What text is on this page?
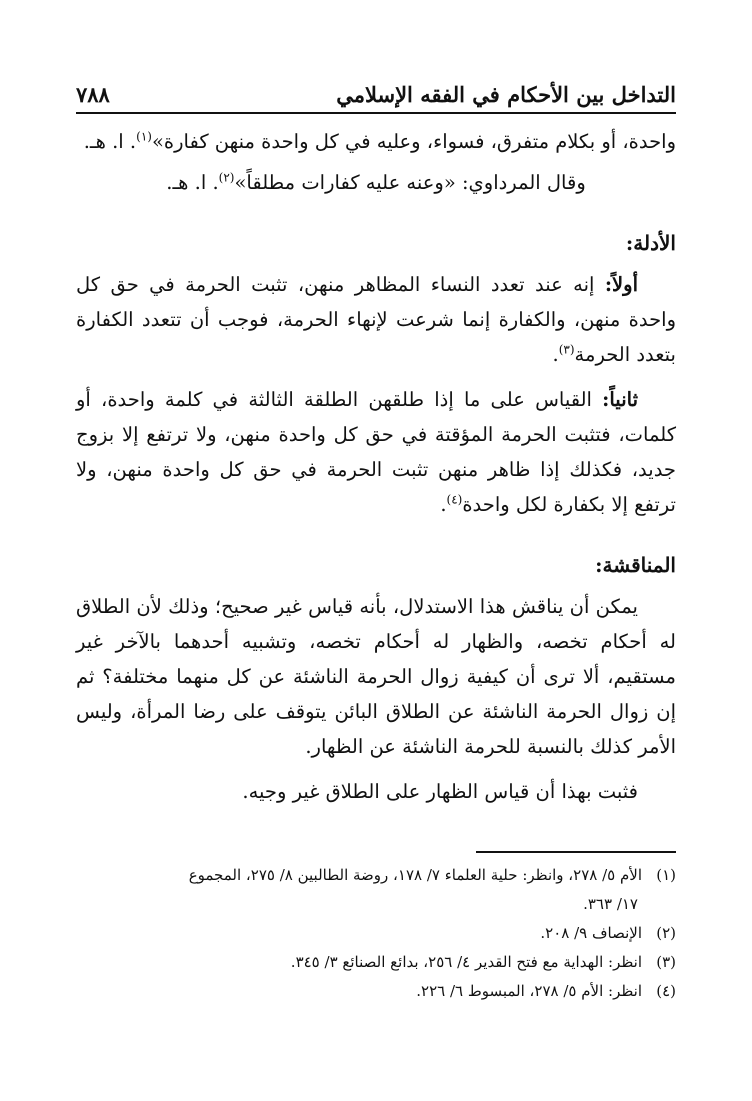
التداخل بين الأحكام في الفقه الإسلامي
٧٨٨

واحدة، أو بكلام متفرق، فسواء، وعليه في كل واحدة منهن كفارة»$^{(١)}$. ا. هـ.

وقال المرداوي: «وعنه عليه كفارات مطلقاً»$^{(٢)}$. ا. هـ.

الأدلة:

أولاً: إنه عند تعدد النساء المظاهر منهن، تثبت الحرمة في حق كل واحدة منهن، والكفارة إنما شرعت لإنهاء الحرمة، فوجب أن تتعدد الكفارة بتعدد الحرمة$^{(٣)}$.

ثانياً: القياس على ما إذا طلقهن الطلقة الثالثة في كلمة واحدة، أو كلمات، فتثبت الحرمة المؤقتة في حق كل واحدة منهن، ولا ترتفع إلا بزوج جديد، فكذلك إذا ظاهر منهن تثبت الحرمة في حق كل واحدة منهن، ولا ترتفع إلا بكفارة لكل واحدة$^{(٤)}$.

المناقشة:

يمكن أن يناقش هذا الاستدلال، بأنه قياس غير صحيح؛ وذلك لأن الطلاق له أحكام تخصه، والظهار له أحكام تخصه، وتشبيه أحدهما بالآخر غير مستقيم، ألا ترى أن كيفية زوال الحرمة الناشئة عن كل منهما مختلفة؟ ثم إن زوال الحرمة الناشئة عن الطلاق البائن يتوقف على رضا المرأة، وليس الأمر كذلك بالنسبة للحرمة الناشئة عن الظهار.

فثبت بهذا أن قياس الظهار على الطلاق غير وجيه.

(١)الأم ٥/ ٢٧٨، وانظر: حلية العلماء ٧/ ١٧٨، روضة الطالبين ٨/ ٢٧٥، المجموع

١٧/ ٣٦٣.

(٢)الإنصاف ٩/ ٢٠٨.

(٣)انظر: الهداية مع فتح القدير ٤/ ٢٥٦، بدائع الصنائع ٣/ ٣٤٥.

(٤)انظر: الأم ٥/ ٢٧٨، المبسوط ٦/ ٢٢٦.
